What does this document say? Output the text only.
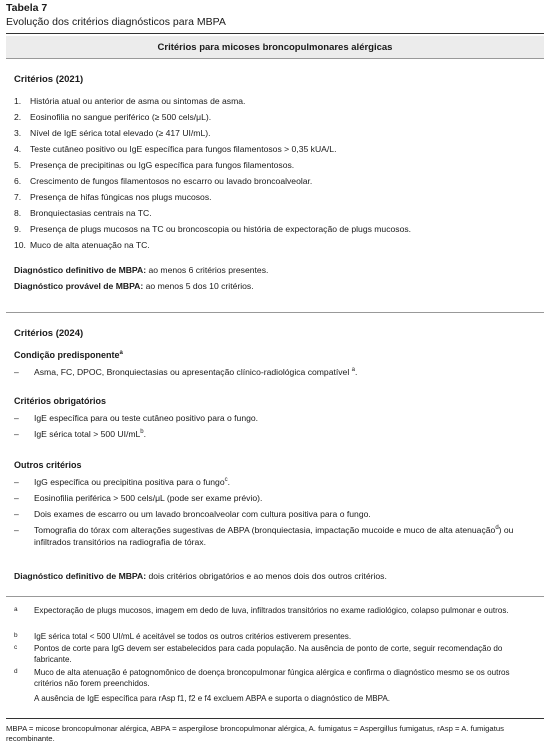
Tabela 7
Evolução dos critérios diagnósticos para MBPA
Critérios para micoses broncopulmonares alérgicas
Critérios (2021)
1. História atual ou anterior de asma ou sintomas de asma.
2. Eosinofilia no sangue periférico (≥ 500 cels/μL).
3. Nível de IgE sérica total elevado (≥ 417 UI/mL).
4. Teste cutâneo positivo ou IgE específica para fungos filamentosos > 0,35 kUA/L.
5. Presença de precipitinas ou IgG específica para fungos filamentosos.
6. Crescimento de fungos filamentosos no escarro ou lavado broncoalveolar.
7. Presença de hifas fúngicas nos plugs mucosos.
8. Bronquiectasias centrais na TC.
9. Presença de plugs mucosos na TC ou broncoscopia ou história de expectoração de plugs mucosos.
10. Muco de alta atenuação na TC.
Diagnóstico definitivo de MBPA: ao menos 6 critérios presentes.
Diagnóstico provável de MBPA: ao menos 5 dos 10 critérios.
Critérios (2024)
Condição predisponente$^a$
– Asma, FC, DPOC, Bronquiectasias ou apresentação clínico-radiológica compatível $^a$.
Critérios obrigatórios
– IgE específica para ou teste cutâneo positivo para o fungo.
– IgE sérica total > 500 $UI/mL^b$.
Outros critérios
– IgG específica ou precipitina positiva para o fungo$^c$.
– Eosinofilia periférica > 500 cels/μL (pode ser exame prévio).
– Dois exames de escarro ou um lavado broncoalveolar com cultura positiva para o fungo.
– Tomografia do tórax com alterações sugestivas de ABPA (bronquiectasia, impactação mucoide e muco de alta atenuação$^d$) ou
infiltrados transitórios na radiografia de tórax.
Diagnóstico definitivo de MBPA: dois critérios obrigatórios e ao menos dois dos outros critérios.
a Expectoração de plugs mucosos, imagem em dedo de luva, infiltrados transitórios no exame radiológico, colapso pulmonar e outros.
b IgE sérica total < 500 UI/mL é aceitável se todos os outros critérios estiverem presentes.
c Pontos de corte para IgG devem ser estabelecidos para cada população. Na ausência de ponto de corte, seguir recomendação do fabricante.
d Muco de alta atenuação é patognomônico de doença broncopulmonar fúngica alérgica e confirma o diagnóstico mesmo se os outros critérios não forem preenchidos.
A ausência de IgE específica para rAsp f1, f2 e f4 excluem ABPA e suporta o diagnóstico de MBPA.
MBPA = micose broncopulmonar alérgica, ABPA = aspergilose broncopulmonar alérgica, A. fumigatus = Aspergillus fumigatus, rAsp = A. fumigatus recombinante.
